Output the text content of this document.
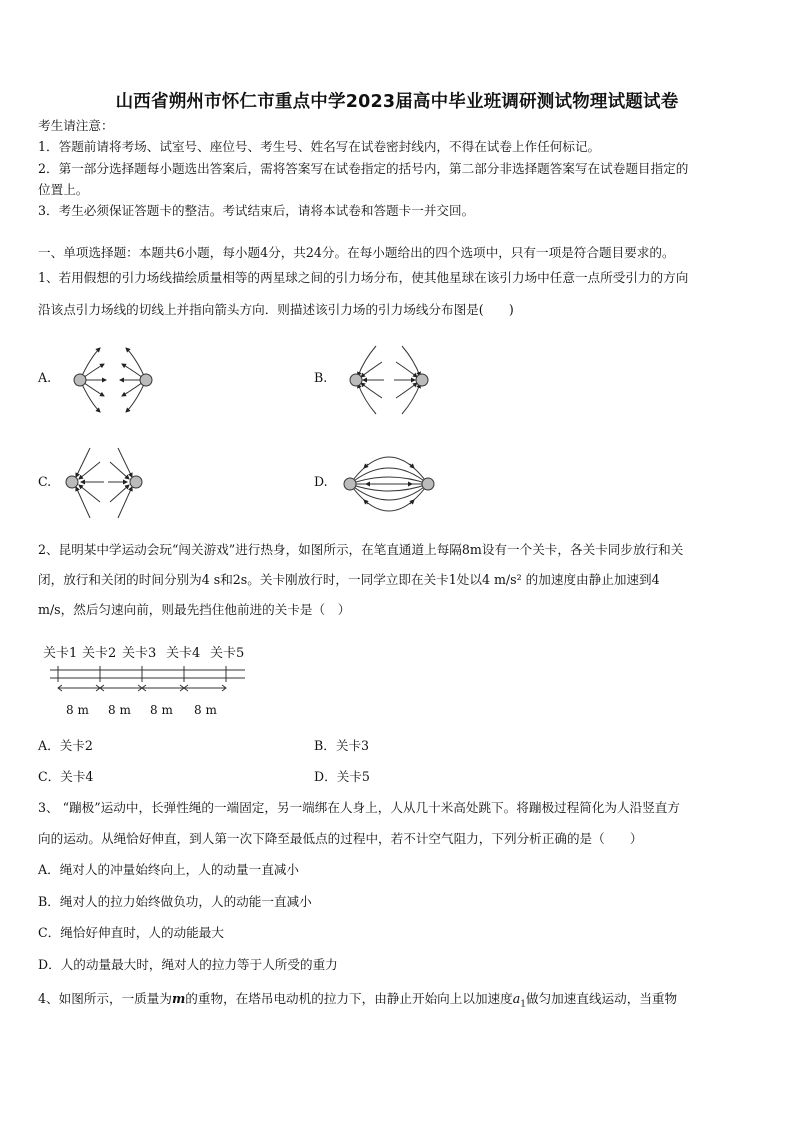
山西省朔州市怀仁市重点中学2023届高中毕业班调研测试物理试题试卷
考生请注意：
1．答题前请将考场、试室号、座位号、考生号、姓名写在试卷密封线内，不得在试卷上作任何标记。
2．第一部分选择题每小题选出答案后，需将答案写在试卷指定的括号内，第二部分非选择题答案写在试卷题目指定的
位置上。
3．考生必须保证答题卡的整洁。考试结束后，请将本试卷和答题卡一并交回。
一、单项选择题：本题共6小题，每小题4分，共24分。在每小题给出的四个选项中，只有一项是符合题目要求的。
1、若用假想的引力场线描绘质量相等的两星球之间的引力场分布，使其他星球在该引力场中任意一点所受引力的方向
沿该点引力场线的切线上并指向箭头方向．则描述该引力场的引力场线分布图是(　　)
A.	B.
C.	D.
2、昆明某中学运动会玩“闯关游戏”进行热身，如图所示，在笔直通道上每隔8m设有一个关卡，各关卡同步放行和关
闭，放行和关闭的时间分别为4 s和2s。关卡刚放行时，一同学立即在关卡1处以4 m/s² 的加速度由静止加速到4
m/s，然后匀速向前，则最先挡住他前进的关卡是（　）
关卡1 关卡2 关卡3 关卡4 关卡5
8 m 8 m 8 m 8 m
A．关卡2	B．关卡3
C．关卡4	D．关卡5
3、 “蹦极”运动中，长弹性绳的一端固定，另一端绑在人身上，人从几十米高处跳下。将蹦极过程简化为人沿竖直方
向的运动。从绳恰好伸直，到人第一次下降至最低点的过程中，若不计空气阻力，下列分析正确的是（　　）
A．绳对人的冲量始终向上，人的动量一直减小
B．绳对人的拉力始终做负功，人的动能一直减小
C．绳恰好伸直时，人的动能最大
D．人的动量最大时，绳对人的拉力等于人所受的重力
4、如图所示，一质量为m的重物，在塔吊电动机的拉力下，由静止开始向上以加速度$a_1$做匀加速直线运动，当重物
